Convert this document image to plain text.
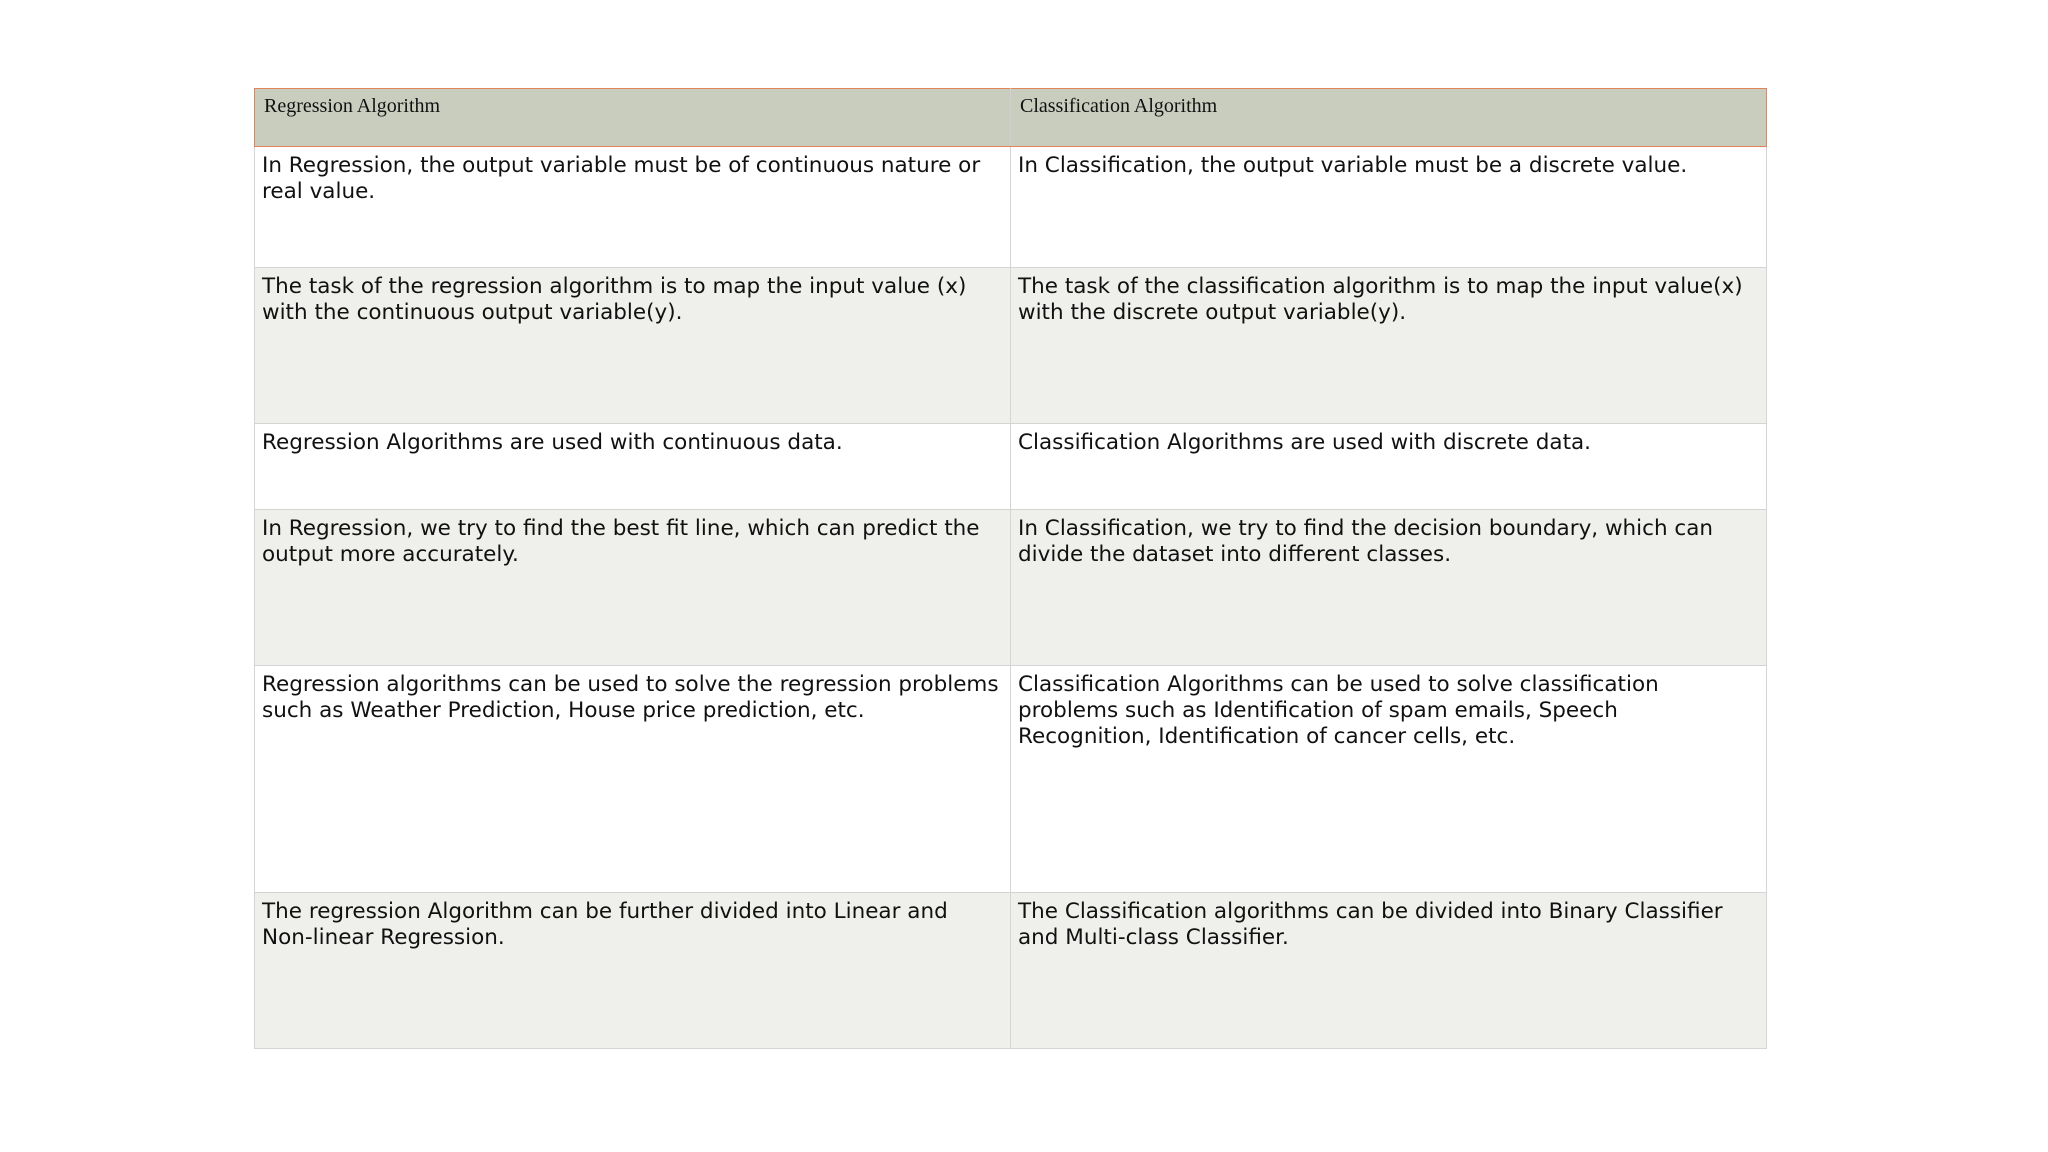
Regression Algorithm	Classification Algorithm
In Regression, the output variable must be of continuous nature or real value.	In Classification, the output variable must be a discrete value.
The task of the regression algorithm is to map the input value (x) with the continuous output variable(y).	The task of the classification algorithm is to map the input value(x) with the discrete output variable(y).
Regression Algorithms are used with continuous data.	Classification Algorithms are used with discrete data.
In Regression, we try to find the best fit line, which can predict the output more accurately.	In Classification, we try to find the decision boundary, which can divide the dataset into different classes.
Regression algorithms can be used to solve the regression problems such as Weather Prediction, House price prediction, etc.	Classification Algorithms can be used to solve classification problems such as Identification of spam emails, Speech Recognition, Identification of cancer cells, etc.
The regression Algorithm can be further divided into Linear and Non-linear Regression.	The Classification algorithms can be divided into Binary Classifier and Multi-class Classifier.
